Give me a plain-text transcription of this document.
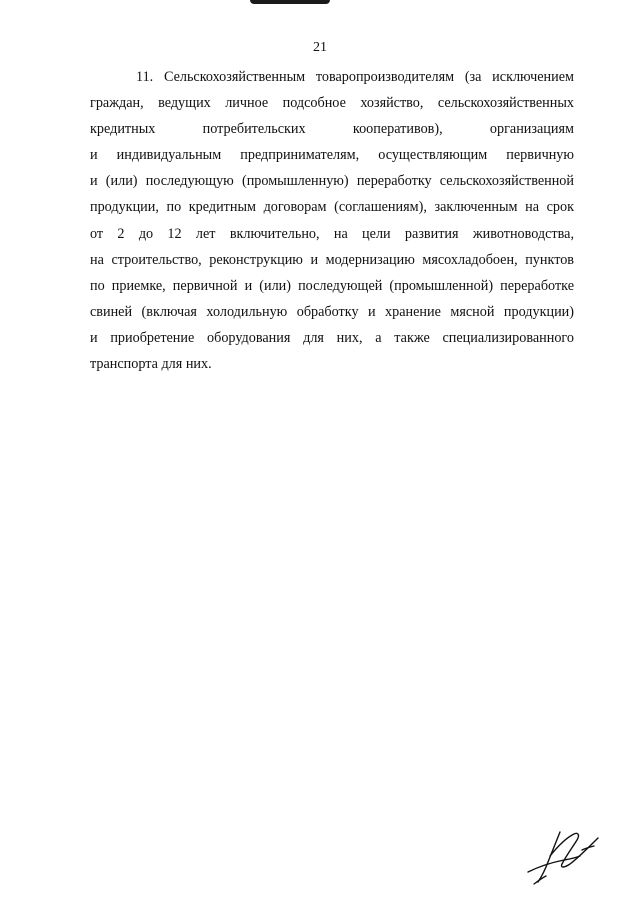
21
11. Сельскохозяйственным товаропроизводителям (за исключением
граждан, ведущих личное подсобное хозяйство, сельскохозяйственных
кредитных потребительских кооперативов), организациям
и индивидуальным предпринимателям, осуществляющим первичную
и (или) последующую (промышленную) переработку сельскохозяйственной
продукции, по кредитным договорам (соглашениям), заключенным на срок
от 2 до 12 лет включительно, на цели развития животноводства,
на строительство, реконструкцию и модернизацию мясохладобоен, пунктов
по приемке, первичной и (или) последующей (промышленной) переработке
свиней (включая холодильную обработку и хранение мясной продукции)
и приобретение оборудования для них, а также специализированного
транспорта для них.
